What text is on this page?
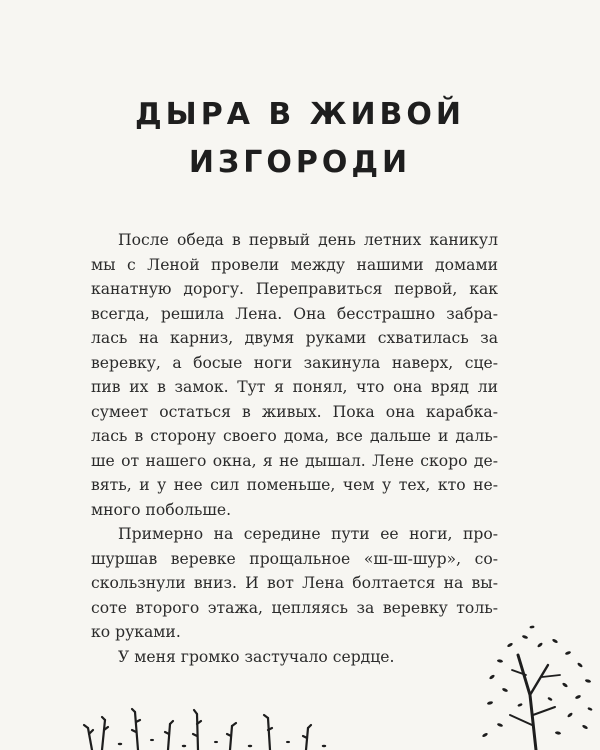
ДЫРА В ЖИВОЙ
ИЗГОРОДИ
После обеда в первый день летних каникул
мы с Леной провели между нашими домами
канатную дорогу. Переправиться первой, как
всегда, решила Лена. Она бесстрашно забра-
лась на карниз, двумя руками схватилась за
веревку, а босые ноги закинула наверх, сцe-
пив их в замок. Тут я понял, что она вряд ли
сумеет остаться в живых. Пока она карабка-
лась в сторону своего дома, все дальше и даль-
ше от нашего окна, я не дышал. Лене скоро де-
вять, и у нее сил поменьше, чем у тех, кто не-
много побольше.
Примерно на середине пути ее ноги, про-
шуршав веревке прощальное «ш-ш-шур», со-
скользнули вниз. И вот Лена болтается на вы-
соте второго этажа, цепляясь за веревку толь-
ко руками.
У меня громко застучало сердце.
